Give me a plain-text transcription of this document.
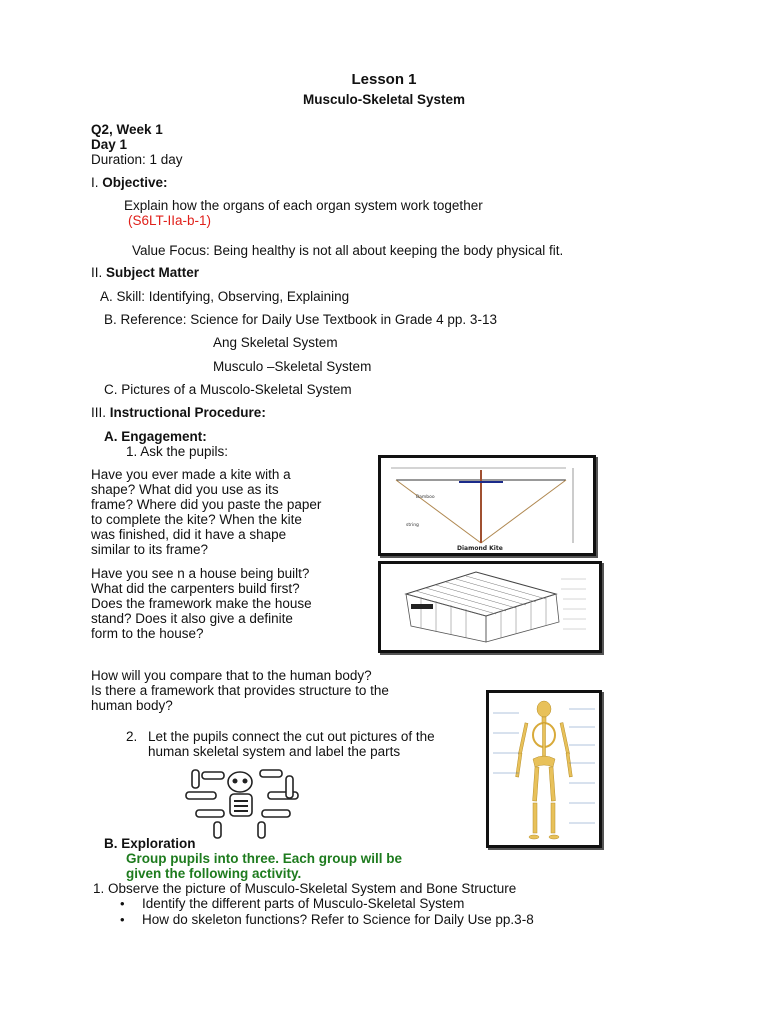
Lesson 1
Musculo-Skeletal System
Q2, Week 1
Day 1
Duration: 1 day
I. Objective:
Explain how the organs of each organ system work together
(S6LT-IIa-b-1)
Value Focus: Being healthy is not all about keeping the body physical fit.
II. Subject Matter
A. Skill: Identifying, Observing, Explaining
B. Reference: Science for Daily Use Textbook in Grade 4 pp. 3-13
Ang Skeletal System
Musculo –Skeletal System
C. Pictures of a Muscolo-Skeletal System
III. Instructional Procedure:
A. Engagement:
1. Ask the pupils:
Have you ever made a kite with a
shape? What did you use as its
frame? Where did you paste the paper
to complete the kite? When the kite
was finished, did it have a shape
similar to its frame?
Bamboo
string
Diamond Kite
Have you see n a house being built?
What did the carpenters build first?
Does the framework make the house
stand? Does it also give a definite
form to the house?
How will you compare that to the human body?
Is there a framework that provides structure to the
human body?
2. Let the pupils connect the cut out pictures of the
human skeletal system and label the parts
B. Exploration
Group pupils into three. Each group will be
given the following activity.
1. Observe the picture of Musculo-Skeletal System and Bone Structure
• Identify the different parts of Musculo-Skeletal System
• How do skeleton functions? Refer to Science for Daily Use pp.3-8
